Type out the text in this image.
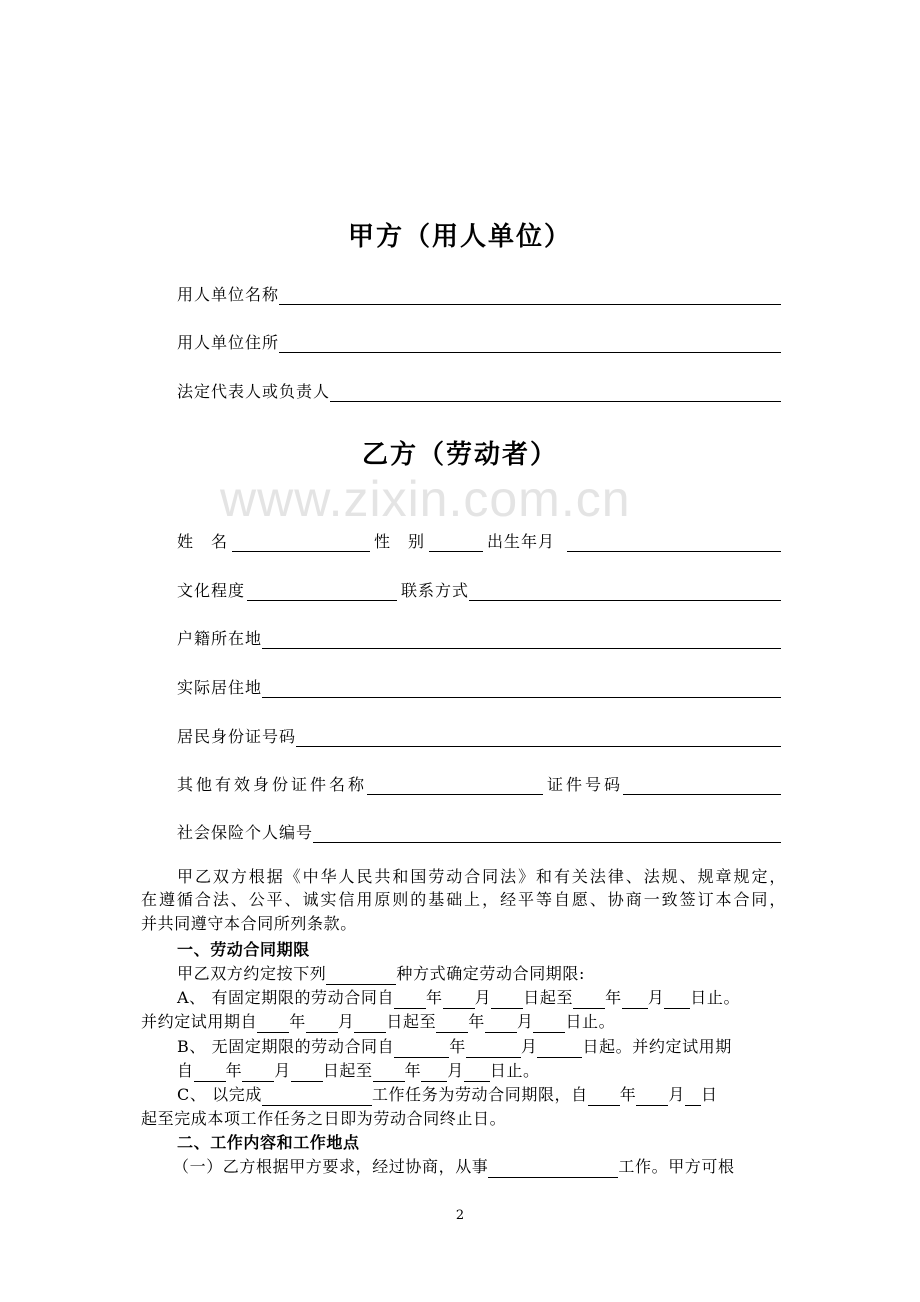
www.zixin.com.cn
甲方（用人单位）
用人单位名称
用人单位住所
法定代表人或负责人
乙方（劳动者）
姓　名	性　别	出生年月
文化程度	联系方式
户籍所在地
实际居住地
居民身份证号码
其他有效身份证件名称	证件号码
社会保险个人编号
甲乙双方根据《中华人民共和国劳动合同法》和有关法律、法规、规章规定，
在遵循合法、公平、诚实信用原则的基础上，经平等自愿、协商一致签订本合同，
并共同遵守本合同所列条款。
一、劳动合同期限
甲乙双方约定按下列	种方式确定劳动合同期限:
A、 有固定期限的劳动合同自 年 月 日起至 年 月 日止。
并约定试用期自 年 月 日起至 年 月 日止。
B、 无固定期限的劳动合同自	年	月	日起。并约定试用期
自 年 月 日起至 年 月 日止。
C、 以完成	工作任务为劳动合同期限，自 年 月 日
起至完成本项工作任务之日即为劳动合同终止日。
二、工作内容和工作地点
（一）乙方根据甲方要求，经过协商，从事	工作。甲方可根
2
